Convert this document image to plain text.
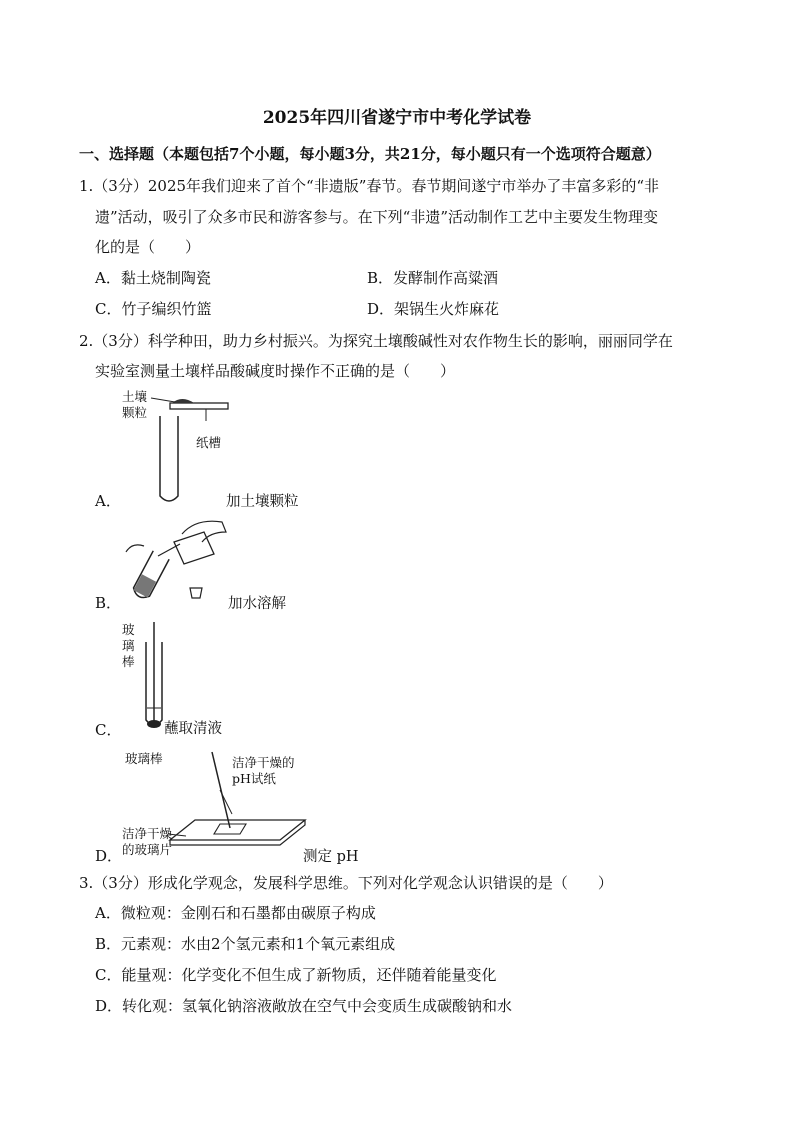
2025年四川省遂宁市中考化学试卷
一、选择题（本题包括7个小题，每小题3分，共21分，每小题只有一个选项符合题意）
1.（3分）2025年我们迎来了首个“非遗版”春节。春节期间遂宁市举办了丰富多彩的“非
遗”活动，吸引了众多市民和游客参与。在下列“非遗”活动制作工艺中主要发生物理变
化的是（　　）
A．黏土烧制陶瓷	B．发酵制作高粱酒
C．竹子编织竹篮	D．架锅生火炸麻花
2.（3分）科学种田，助力乡村振兴。为探究土壤酸碱性对农作物生长的影响，丽丽同学在
实验室测量土壤样品酸碱度时操作不正确的是（　　）
土壤
颗粒
纸槽
A．	加土壤颗粒
B．	加水溶解
玻
璃
棒
C．	蘸取清液
玻璃棒	洁净干燥的
pH试纸
洁净干燥
的玻璃片
D．	测定 pH
3.（3分）形成化学观念，发展科学思维。下列对化学观念认识错误的是（　　）
A．微粒观：金刚石和石墨都由碳原子构成
B．元素观：水由2个氢元素和1个氧元素组成
C．能量观：化学变化不但生成了新物质，还伴随着能量变化
D．转化观：氢氧化钠溶液敞放在空气中会变质生成碳酸钠和水
